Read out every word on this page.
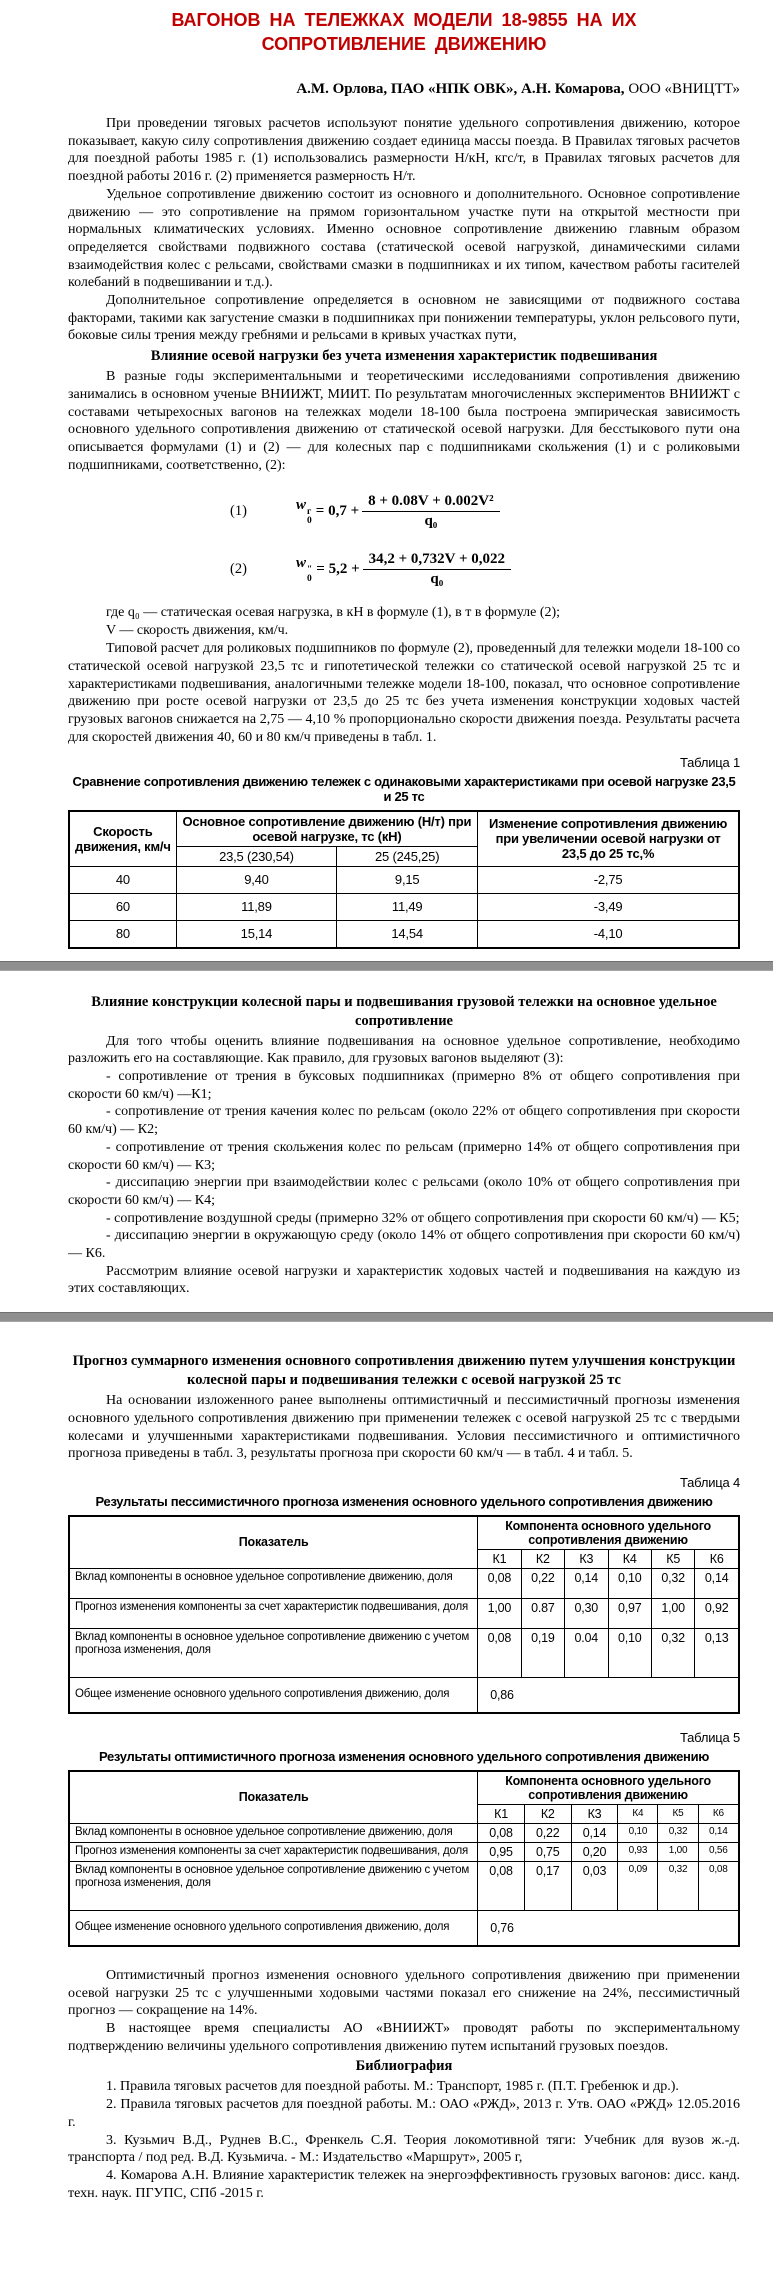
ВАГОНОВ НА ТЕЛЕЖКАХ МОДЕЛИ 18-9855 НА ИХ СОПРОТИВЛЕНИЕ ДВИЖЕНИЮ
А.М. Орлова, ПАО «НПК ОВК», А.Н. Комарова, ООО «ВНИЦТТ»

При проведении тяговых расчетов используют понятие удельного сопротивления движению, которое показывает, какую силу сопротивления движению создает единица массы поезда. В Правилах тяговых расчетов для поездной работы 1985 г. (1) использовались размерности Н/кН, кгс/т, в Правилах тяговых расчетов для поездной работы 2016 г. (2) применяется размерность Н/т.

Удельное сопротивление движению состоит из основного и дополнительного. Основное сопротивление движению — это сопротивление на прямом горизонтальном участке пути на открытой местности при нормальных климатических условиях. Именно основное сопротивление движению главным образом определяется свойствами подвижного состава (статической осевой нагрузкой, динамическими силами взаимодействия колес с рельсами, свойствами смазки в подшипниках и их типом, качеством работы гасителей колебаний в подвешивании и т.д.).

Дополнительное сопротивление определяется в основном не зависящими от подвижного состава факторами, такими как загустение смазки в подшипниках при понижении температуры, уклон рельсового пути, боковые силы трения между гребнями и рельсами в кривых участках пути,

Влияние осевой нагрузки без учета изменения характеристик подвешивания

В разные годы экспериментальными и теоретическими исследованиями сопротивления движению занимались в основном ученые ВНИИЖТ, МИИТ. По результатам многочисленных экспериментов ВНИИЖТ с составами четырехосных вагонов на тележках модели 18-100 была построена эмпирическая зависимость основного удельного сопротивления движению от статической осевой нагрузки. Для бесстыкового пути она описывается формулами (1) и (2) — для колесных пар с подшипниками скольжения (1) и с роликовыми подшипниками, соответственно, (2):

(1)	w г
0
= $0,7 + \frac{\text{8 + 0.08V + 0.002V²}}{\text{q₀}}$
(2)	w ″
0
= $5,2 + \frac{34,2 + 0,732V + 0,022}{\text{q₀}}$

где q₀ — статическая осевая нагрузка, в кН в формуле (1), в т в формуле (2);

V — скорость движения, км/ч.

Типовой расчет для роликовых подшипников по формуле (2), проведенный для тележки модели 18-100 со статической осевой нагрузкой 23,5 тс и гипотетической тележки со статической осевой нагрузкой 25 тс и характеристиками подвешивания, аналогичными тележке модели 18-100, показал, что основное сопротивление движению при росте осевой нагрузки от 23,5 до 25 тс без учета изменения конструкции ходовых частей грузовых вагонов снижается на 2,75 — 4,10 % пропорционально скорости движения поезда. Результаты расчета для скоростей движения 40, 60 и 80 км/ч приведены в табл. 1.

Таблица 1
Сравнение сопротивления движению тележек с одинаковыми характеристиками при осевой нагрузке 23,5 и 25 тс
Скорость движения, км/ч	Основное сопротивление движению (Н/т) при осевой нагрузке, тс (кН)		Изменение сопротивления движению при увеличении осевой нагрузки от 23,5 до 25 тс,%
	23,5 (230,54)	25 (245,25)	
40	9,40	9,15	-2,75
60	11,89	11,49	-3,49
80	15,14	14,54	-4,10
Влияние конструкции колесной пары и подвешивания грузовой тележки на основное удельное сопротивление

Для того чтобы оценить влияние подвешивания на основное удельное сопротивление, необходимо разложить его на составляющие. Как правило, для грузовых вагонов выделяют (3):

- сопротивление от трения в буксовых подшипниках (примерно 8% от общего сопротивления при скорости 60 км/ч) —К1;

- сопротивление от трения качения колес по рельсам (около 22% от общего сопротивления при скорости 60 км/ч) — К2;

- сопротивление от трения скольжения колес по рельсам (примерно 14% от общего сопротивления при скорости 60 км/ч) — К3;

- диссипацию энергии при взаимодействии колес с рельсами (около 10% от общего сопротивления при скорости 60 км/ч) — К4;

- сопротивление воздушной среды (примерно 32% от общего сопротивления при скорости 60 км/ч) — К5;

- диссипацию энергии в окружающую среду (около 14% от общего сопротивления при скорости 60 км/ч) — К6.

Рассмотрим влияние осевой нагрузки и характеристик ходовых частей и подвешивания на каждую из этих составляющих.

Прогноз суммарного изменения основного сопротивления движению путем улучшения конструкции колесной пары и подвешивания тележки с осевой нагрузкой 25 тс

На основании изложенного ранее выполнены оптимистичный и пессимистичный прогнозы изменения основного удельного сопротивления движению при применении тележек с осевой нагрузкой 25 тс с твердыми колесами и улучшенными характеристиками подвешивания. Условия пессимистичного и оптимистичного прогноза приведены в табл. 3, результаты прогноза при скорости 60 км/ч — в табл. 4 и табл. 5.

Таблица 4
Результаты пессимистичного прогноза изменения основного удельного сопротивления движению
Показатель	Компонента основного удельного сопротивления движению					
	К1	К2	К3	К4	К5	К6
Вклад компоненты в основное удельное сопротивление движению, доля	0,08	0,22	0,14	0,10	0,32	0,14
Прогноз изменения компоненты за счет характеристик подвешивания, доля	1,00	0.87	0,30	0,97	1,00	0,92
Вклад компоненты в основное удельное сопротивление движению с учетом прогноза изменения, доля	0,08	0,19	0.04	0,10	0,32	0,13
Общее изменение основного удельного сопротивления движению, доля	0,86					
Таблица 5
Результаты оптимистичного прогноза изменения основного удельного сопротивления движению
Показатель	Компонента основного удельного сопротивления движению					
	К1	К2	К3	К4	К5	К6
Вклад компоненты в основное удельное сопротивление движению, доля	0,08	0,22	0,14	0,10	0,32	0,14
Прогноз изменения компоненты за счет характеристик подвешивания, доля	0,95	0,75	0,20	0,93	1,00	0,56
Вклад компоненты в основное удельное сопротивление движению с учетом прогноза изменения, доля	0,08	0,17	0,03	0,09	0,32	0,08
Общее изменение основного удельного сопротивления движению, доля	0,76					

Оптимистичный прогноз изменения основного удельного сопротивления движению при применении осевой нагрузки 25 тс с улучшенными ходовыми частями показал его снижение на 24%, пессимистичный прогноз — сокращение на 14%.

В настоящее время специалисты АО «ВНИИЖТ» проводят работы по экспериментальному подтверждению величины удельного сопротивления движению путем испытаний грузовых поездов.

Библиография

1. Правила тяговых расчетов для поездной работы. М.: Транспорт, 1985 г. (П.Т. Гребенюк и др.).

2. Правила тяговых расчетов для поездной работы. М.: ОАО «РЖД», 2013 г. Утв. ОАО «РЖД» 12.05.2016 г.

3. Кузьмич В.Д., Руднев В.С., Френкель С.Я. Теория локомотивной тяги: Учебник для вузов ж.-д. транспорта / под ред. В.Д. Кузьмича. - М.: Издательство «Маршрут», 2005 г,

4. Комарова А.Н. Влияние характеристик тележек на энергоэффективность грузовых вагонов: дисс. канд. техн. наук. ПГУПС, СПб -2015 г.
